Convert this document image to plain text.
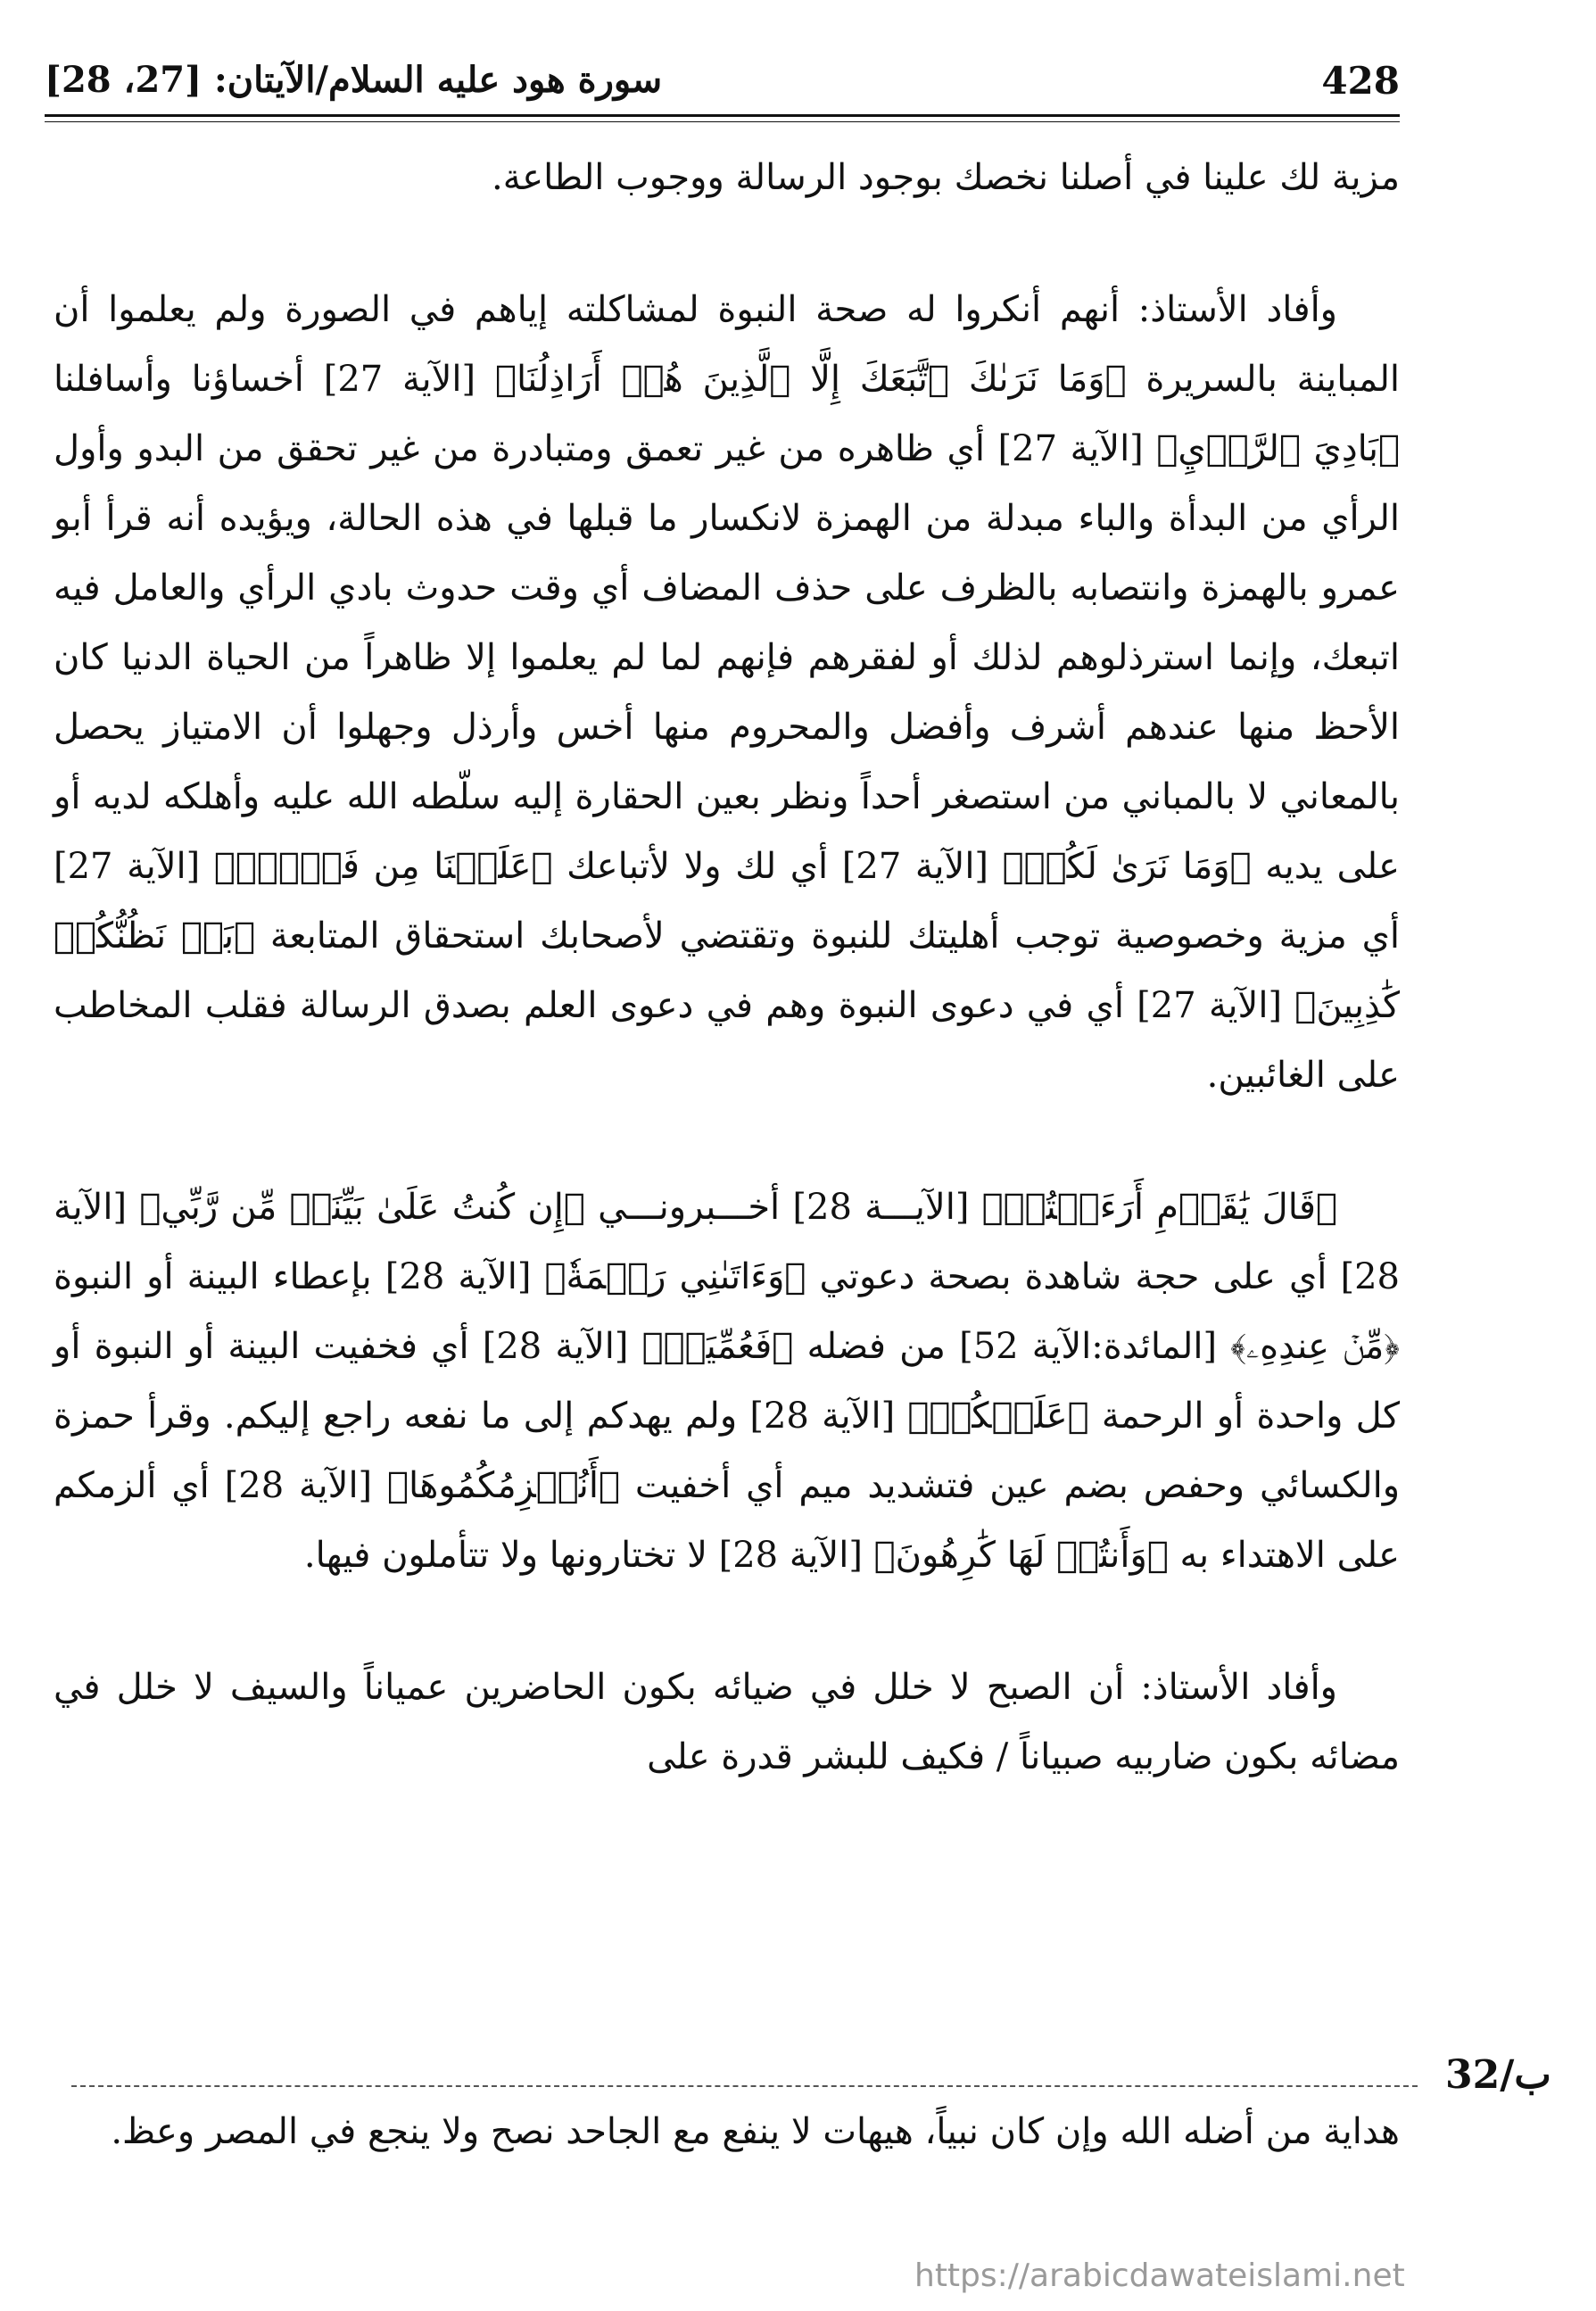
428
سورة هود عليه السلام/الآيتان: [27، 28]

مزية لك علينا في أصلنا نخصك بوجود الرسالة ووجوب الطاعة.

وأفاد الأستاذ: أنهم أنكروا له صحة النبوة لمشاكلته إياهم في الصورة ولم يعلموا أن المباينة بالسريرة ﴿وَمَا نَرَىٰكَ ٱتَّبَعَكَ إِلَّا ٱلَّذِينَ هُمۡ أَرَاذِلُنَا﴾ [الآية 27] أخساؤنا وأسافلنا ﴿بَادِيَ ٱلرَّأۡيِ﴾ [الآية 27] أي ظاهره من غير تعمق ومتبادرة من غير تحقق من البدو وأول الرأي من البدأة والباء مبدلة من الهمزة لانكسار ما قبلها في هذه الحالة، ويؤيده أنه قرأ أبو عمرو بالهمزة وانتصابه بالظرف على حذف المضاف أي وقت حدوث بادي الرأي والعامل فيه اتبعك، وإنما استرذلوهم لذلك أو لفقرهم فإنهم لما لم يعلموا إلا ظاهراً من الحياة الدنيا كان الأحظ منها عندهم أشرف وأفضل والمحروم منها أخس وأرذل وجهلوا أن الامتياز يحصل بالمعاني لا بالمباني من استصغر أحداً ونظر بعين الحقارة إليه سلّطه الله عليه وأهلكه لديه أو على يديه ﴿وَمَا نَرَىٰ لَكُمۡ﴾ [الآية 27] أي لك ولا لأتباعك ﴿عَلَيۡنَا مِن فَضۡلِۭ﴾ [الآية 27] أي مزية وخصوصية توجب أهليتك للنبوة وتقتضي لأصحابك استحقاق المتابعة ﴿بَلۡ نَظُنُّكُمۡ كَٰذِبِينَ﴾ [الآية 27] أي في دعوى النبوة وهم في دعوى العلم بصدق الرسالة فقلب المخاطب على الغائبين.

﴿قَالَ يَٰقَوۡمِ أَرَءَيۡتُمۡ﴾ [الآيـــة 28] أخـــبرونـــي ﴿إِن كُنتُ عَلَىٰ بَيِّنَةٖ مِّن رَّبِّي﴾ [الآية 28] أي على حجة شاهدة بصحة دعوتي ﴿وَءَاتَىٰنِي رَحۡمَةٗ﴾ [الآية 28] بإعطاء البينة أو النبوة ﴿مِّنۡ عِندِهِۦ﴾ [المائدة:الآية 52] من فضله ﴿فَعُمِّيَتۡ﴾ [الآية 28] أي فخفيت البينة أو النبوة أو كل واحدة أو الرحمة ﴿عَلَيۡكُمۡ﴾ [الآية 28] ولم يهدكم إلى ما نفعه راجع إليكم. وقرأ حمزة والكسائي وحفص بضم عين فتشديد ميم أي أخفيت ﴿أَنُلۡزِمُكُمُوهَا﴾ [الآية 28] أي ألزمكم على الاهتداء به ﴿وَأَنتُمۡ لَهَا كَٰرِهُونَ﴾ [الآية 28] لا تختارونها ولا تتأملون فيها.

وأفاد الأستاذ: أن الصبح لا خلل في ضيائه بكون الحاضرين عمياناً والسيف لا خلل في مضائه بكون ضاربيه صبياناً / فكيف للبشر قدرة على

32/ب
هداية من أضله الله وإن كان نبياً، هيهات لا ينفع مع الجاحد نصح ولا ينجع في المصر وعظ.
https://arabicdawateislami.net
